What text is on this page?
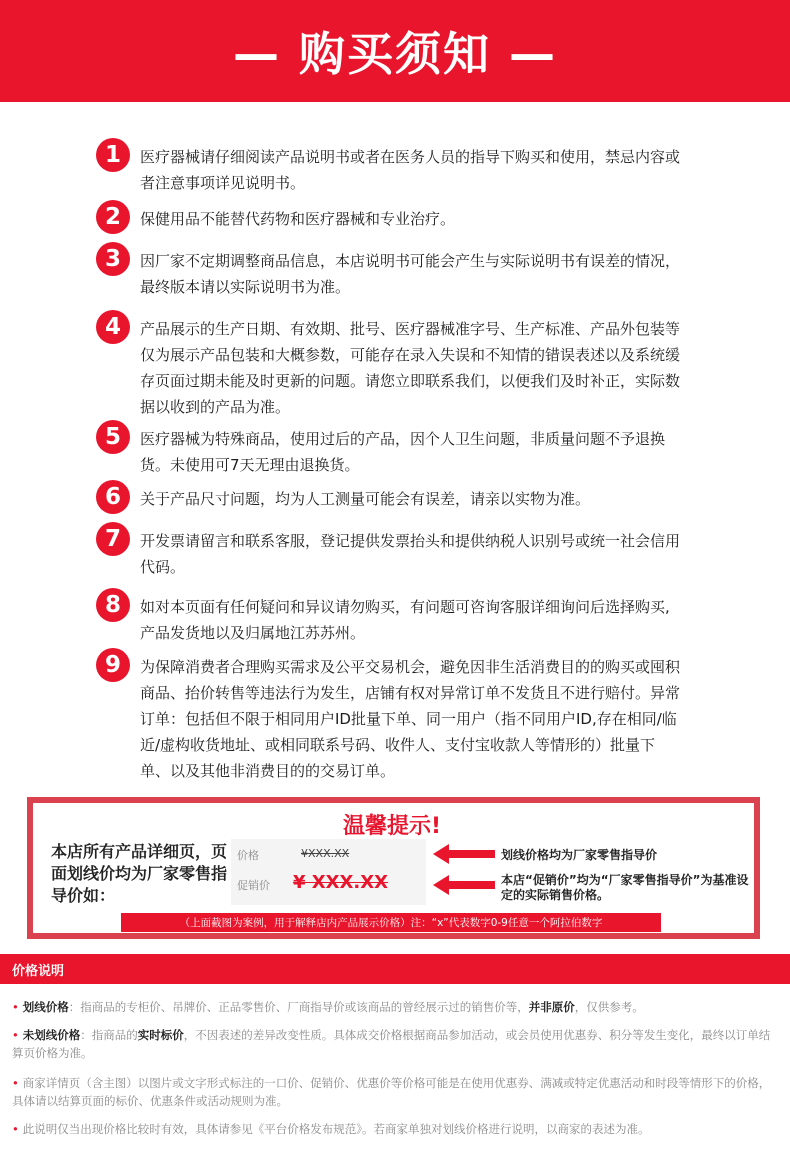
— 购买须知 —
1	医疗器械请仔细阅读产品说明书或者在医务人员的指导下购买和使用，禁忌内容或者注意事项详见说明书。
2	保健用品不能替代药物和医疗器械和专业治疗。
3	因厂家不定期调整商品信息，本店说明书可能会产生与实际说明书有误差的情况，最终版本请以实际说明书为准。
4	产品展示的生产日期、有效期、批号、医疗器械准字号、生产标准、产品外包装等仅为展示产品包装和大概参数，可能存在录入失误和不知情的错误表述以及系统缓存页面过期未能及时更新的问题。请您立即联系我们，以便我们及时补正，实际数据以收到的产品为准。
5	医疗器械为特殊商品，使用过后的产品，因个人卫生问题，非质量问题不予退换货。未使用可7天无理由退换货。
6	关于产品尺寸问题，均为人工测量可能会有误差，请亲以实物为准。
7	开发票请留言和联系客服，登记提供发票抬头和提供纳税人识别号或统一社会信用代码。
8	如对本页面有任何疑问和异议请勿购买，有问题可咨询客服详细询问后选择购买,产品发货地以及归属地江苏苏州。
9	为保障消费者合理购买需求及公平交易机会，避免因非生活消费目的的购买或囤积商品、抬价转售等违法行为发生，店铺有权对异常订单不发货且不进行赔付。异常订单：包括但不限于相同用户ID批量下单、同一用户（指不同用户ID,存在相同/临近/虚构收货地址、或相同联系号码、收件人、支付宝收款人等情形的）批量下单、以及其他非消费目的的交易订单。
温馨提示!
本店所有产品详细页，页面划线价均为厂家零售指导价如：
价格	¥XXX.XX
促销价 ¥ XXX.XX
划线价格均为厂家零售指导价
本店“促销价”均为“厂家零售指导价”为基准设定的实际销售价格。
（上面截图为案例，用于解释店内产品展示价格）注：“x”代表数字0-9任意一个阿拉伯数字
价格说明
• 划线价格：指商品的专柜价、吊牌价、正品零售价、厂商指导价或该商品的曾经展示过的销售价等，并非原价，仅供参考。
• 未划线价格：指商品的实时标价，不因表述的差异改变性质。具体成交价格根据商品参加活动，或会员使用优惠券、积分等发生变化，最终以订单结算页价格为准。
• 商家详情页（含主图）以图片或文字形式标注的一口价、促销价、优惠价等价格可能是在使用优惠券、满减或特定优惠活动和时段等情形下的价格，具体请以结算页面的标价、优惠条件或活动规则为准。
• 此说明仅当出现价格比较时有效，具体请参见《平台价格发布规范》。若商家单独对划线价格进行说明，以商家的表述为准。
